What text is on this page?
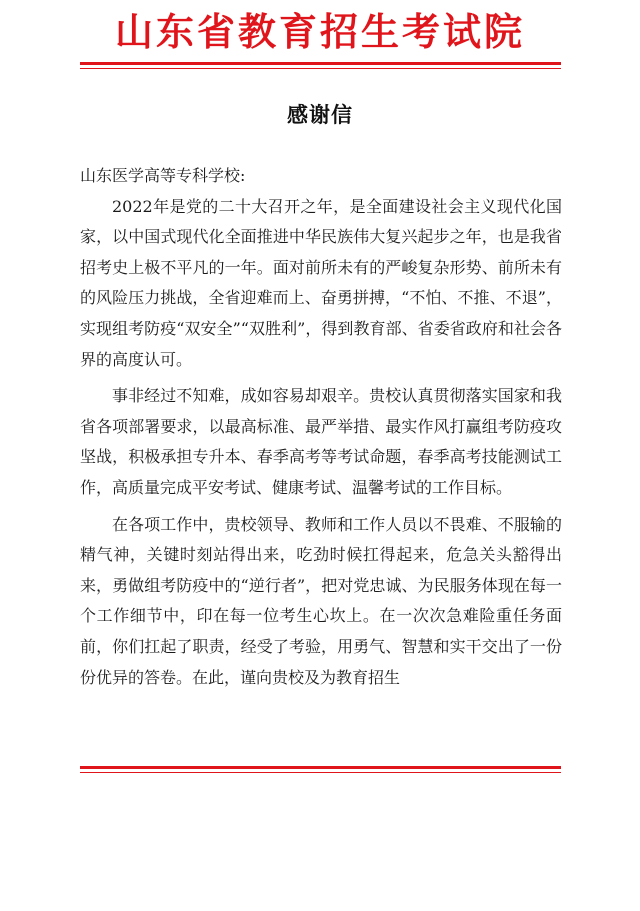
山东省教育招生考试院
感谢信

山东医学高等专科学校:

2022年是党的二十大召开之年，是全面建设社会主义现代化国家，以中国式现代化全面推进中华民族伟大复兴起步之年，也是我省招考史上极不平凡的一年。面对前所未有的严峻复杂形势、前所未有的风险压力挑战，全省迎难而上、奋勇拼搏，“不怕、不推、不退”，实现组考防疫“双安全”“双胜利”，得到教育部、省委省政府和社会各界的高度认可。

事非经过不知难，成如容易却艰辛。贵校认真贯彻落实国家和我省各项部署要求，以最高标准、最严举措、最实作风打赢组考防疫攻坚战，积极承担专升本、春季高考等考试命题，春季高考技能测试工作，高质量完成平安考试、健康考试、温馨考试的工作目标。

在各项工作中，贵校领导、教师和工作人员以不畏难、不服输的精气神，关键时刻站得出来，吃劲时候扛得起来，危急关头豁得出来，勇做组考防疫中的“逆行者”，把对党忠诚、为民服务体现在每一个工作细节中，印在每一位考生心坎上。在一次次急难险重任务面前，你们扛起了职责，经受了考验，用勇气、智慧和实干交出了一份份优异的答卷。在此，谨向贵校及为教育招生
